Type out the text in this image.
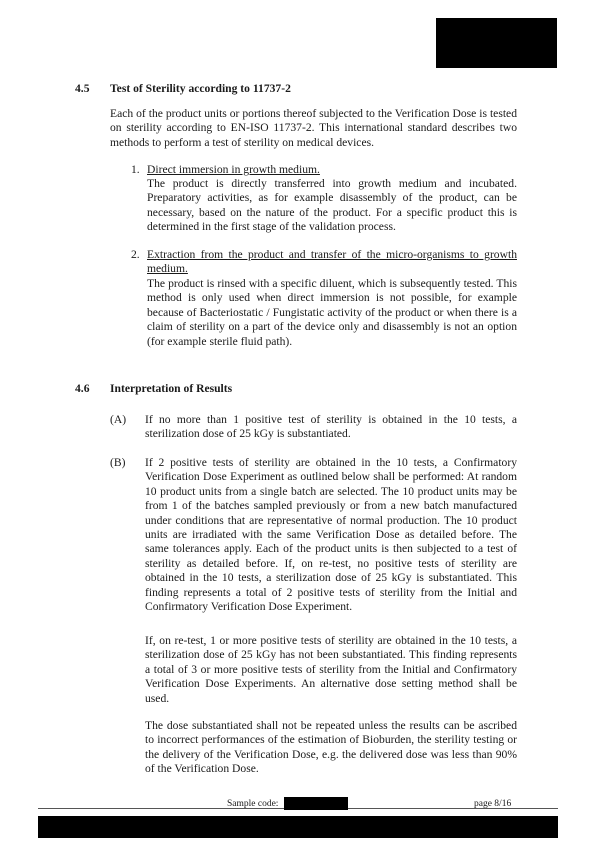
4.5 Test of Sterility according to 11737-2

Each of the product units or portions thereof subjected to the Verification Dose is tested on sterility according to EN-ISO 11737-2. This international standard describes two methods to perform a test of sterility on medical devices.

1. Direct immersion in growth medium.

The product is directly transferred into growth medium and incubated. Preparatory activities, as for example disassembly of the product, can be necessary, based on the nature of the product. For a specific product this is determined in the first stage of the validation process.

2. Extraction from the product and transfer of the micro-organisms to growth medium.

The product is rinsed with a specific diluent, which is subsequently tested. This method is only used when direct immersion is not possible, for example because of Bacteriostatic / Fungistatic activity of the product or when there is a claim of sterility on a part of the device only and disassembly is not an option (for example sterile fluid path).

4.6 Interpretation of Results
(A) If no more than 1 positive test of sterility is obtained in the 10 tests, a sterilization dose of 25 kGy is substantiated.

(B) If 2 positive tests of sterility are obtained in the 10 tests, a Confirmatory Verification Dose Experiment as outlined below shall be performed: At random 10 product units from a single batch are selected. The 10 product units may be from 1 of the batches sampled previously or from a new batch manufactured under conditions that are representative of normal production. The 10 product units are irradiated with the same Verification Dose as detailed before. The same tolerances apply. Each of the product units is then subjected to a test of sterility as detailed before. If, on re-test, no positive tests of sterility are obtained in the 10 tests, a sterilization dose of 25 kGy is substantiated. This finding represents a total of 2 positive tests of sterility from the Initial and Confirmatory Verification Dose Experiment.

If, on re-test, 1 or more positive tests of sterility are obtained in the 10 tests, a sterilization dose of 25 kGy has not been substantiated. This finding represents a total of 3 or more positive tests of sterility from the Initial and Confirmatory Verification Dose Experiments. An alternative dose setting method shall be used.

The dose substantiated shall not be repeated unless the results can be ascribed to incorrect performances of the estimation of Bioburden, the sterility testing or the delivery of the Verification Dose, e.g. the delivered dose was less than 90% of the Verification Dose.

Sample code:	page 8/16
